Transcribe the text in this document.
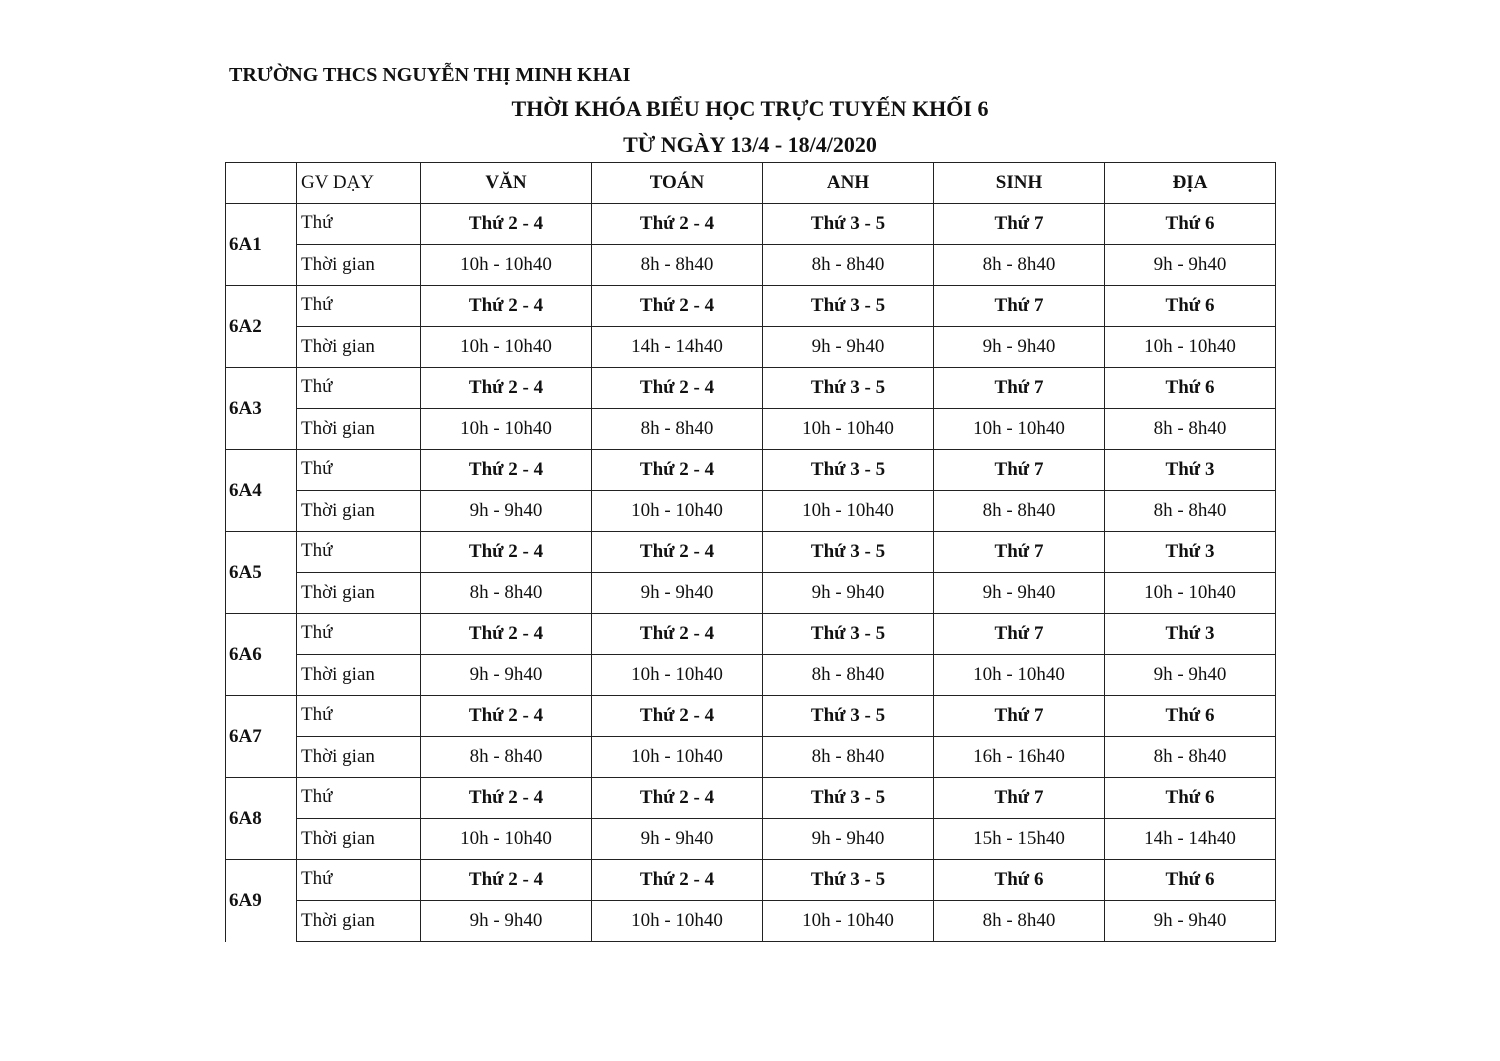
TRƯỜNG THCS NGUYỄN THỊ MINH KHAI
THỜI KHÓA BIỂU HỌC TRỰC TUYẾN KHỐI 6
TỪ NGÀY 13/4 - 18/4/2020
	GV DẠY	VĂN	TOÁN	ANH	SINH	ĐỊA
6A1	Thứ	Thứ 2 - 4	Thứ 2 - 4	Thứ 3 - 5	Thứ 7	Thứ 6
	Thời gian	10h - 10h40	8h - 8h40	8h - 8h40	8h - 8h40	9h - 9h40
6A2	Thứ	Thứ 2 - 4	Thứ 2 - 4	Thứ 3 - 5	Thứ 7	Thứ 6
	Thời gian	10h - 10h40	14h - 14h40	9h - 9h40	9h - 9h40	10h - 10h40
6A3	Thứ	Thứ 2 - 4	Thứ 2 - 4	Thứ 3 - 5	Thứ 7	Thứ 6
	Thời gian	10h - 10h40	8h - 8h40	10h - 10h40	10h - 10h40	8h - 8h40
6A4	Thứ	Thứ 2 - 4	Thứ 2 - 4	Thứ 3 - 5	Thứ 7	Thứ 3
	Thời gian	9h - 9h40	10h - 10h40	10h - 10h40	8h - 8h40	8h - 8h40
6A5	Thứ	Thứ 2 - 4	Thứ 2 - 4	Thứ 3 - 5	Thứ 7	Thứ 3
	Thời gian	8h - 8h40	9h - 9h40	9h - 9h40	9h - 9h40	10h - 10h40
6A6	Thứ	Thứ 2 - 4	Thứ 2 - 4	Thứ 3 - 5	Thứ 7	Thứ 3
	Thời gian	9h - 9h40	10h - 10h40	8h - 8h40	10h - 10h40	9h - 9h40
6A7	Thứ	Thứ 2 - 4	Thứ 2 - 4	Thứ 3 - 5	Thứ 7	Thứ 6
	Thời gian	8h - 8h40	10h - 10h40	8h - 8h40	16h - 16h40	8h - 8h40
6A8	Thứ	Thứ 2 - 4	Thứ 2 - 4	Thứ 3 - 5	Thứ 7	Thứ 6
	Thời gian	10h - 10h40	9h - 9h40	9h - 9h40	15h - 15h40	14h - 14h40
6A9	Thứ	Thứ 2 - 4	Thứ 2 - 4	Thứ 3 - 5	Thứ 6	Thứ 6
	Thời gian	9h - 9h40	10h - 10h40	10h - 10h40	8h - 8h40	9h - 9h40
